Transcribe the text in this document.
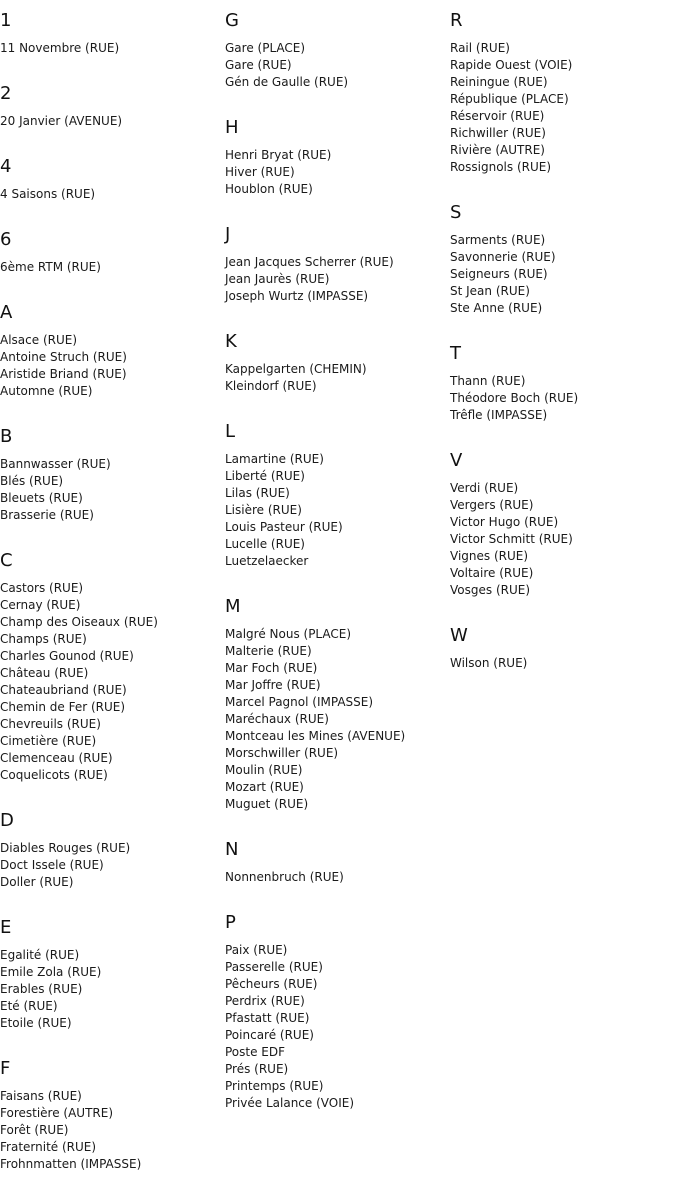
1
11 Novembre (RUE)
2
20 Janvier (AVENUE)
4
4 Saisons (RUE)
6
6ème RTM (RUE)
A
Alsace (RUE)
Antoine Struch (RUE)
Aristide Briand (RUE)
Automne (RUE)
B
Bannwasser (RUE)
Blés (RUE)
Bleuets (RUE)
Brasserie (RUE)
C
Castors (RUE)
Cernay (RUE)
Champ des Oiseaux (RUE)
Champs (RUE)
Charles Gounod (RUE)
Château (RUE)
Chateaubriand (RUE)
Chemin de Fer (RUE)
Chevreuils (RUE)
Cimetière (RUE)
Clemenceau (RUE)
Coquelicots (RUE)
D
Diables Rouges (RUE)
Doct Issele (RUE)
Doller (RUE)
E
Egalité (RUE)
Emile Zola (RUE)
Erables (RUE)
Eté (RUE)
Etoile (RUE)
F
Faisans (RUE)
Forestière (AUTRE)
Forêt (RUE)
Fraternité (RUE)
Frohnmatten (IMPASSE)
G
Gare (PLACE)
Gare (RUE)
Gén de Gaulle (RUE)
H
Henri Bryat (RUE)
Hiver (RUE)
Houblon (RUE)
J
Jean Jacques Scherrer (RUE)
Jean Jaurès (RUE)
Joseph Wurtz (IMPASSE)
K
Kappelgarten (CHEMIN)
Kleindorf (RUE)
L
Lamartine (RUE)
Liberté (RUE)
Lilas (RUE)
Lisière (RUE)
Louis Pasteur (RUE)
Lucelle (RUE)
Luetzelaecker
M
Malgré Nous (PLACE)
Malterie (RUE)
Mar Foch (RUE)
Mar Joffre (RUE)
Marcel Pagnol (IMPASSE)
Maréchaux (RUE)
Montceau les Mines (AVENUE)
Morschwiller (RUE)
Moulin (RUE)
Mozart (RUE)
Muguet (RUE)
N
Nonnenbruch (RUE)
P
Paix (RUE)
Passerelle (RUE)
Pêcheurs (RUE)
Perdrix (RUE)
Pfastatt (RUE)
Poincaré (RUE)
Poste EDF
Prés (RUE)
Printemps (RUE)
Privée Lalance (VOIE)
R
Rail (RUE)
Rapide Ouest (VOIE)
Reiningue (RUE)
République (PLACE)
Réservoir (RUE)
Richwiller (RUE)
Rivière (AUTRE)
Rossignols (RUE)
S
Sarments (RUE)
Savonnerie (RUE)
Seigneurs (RUE)
St Jean (RUE)
Ste Anne (RUE)
T
Thann (RUE)
Théodore Boch (RUE)
Trêfle (IMPASSE)
V
Verdi (RUE)
Vergers (RUE)
Victor Hugo (RUE)
Victor Schmitt (RUE)
Vignes (RUE)
Voltaire (RUE)
Vosges (RUE)
W
Wilson (RUE)
